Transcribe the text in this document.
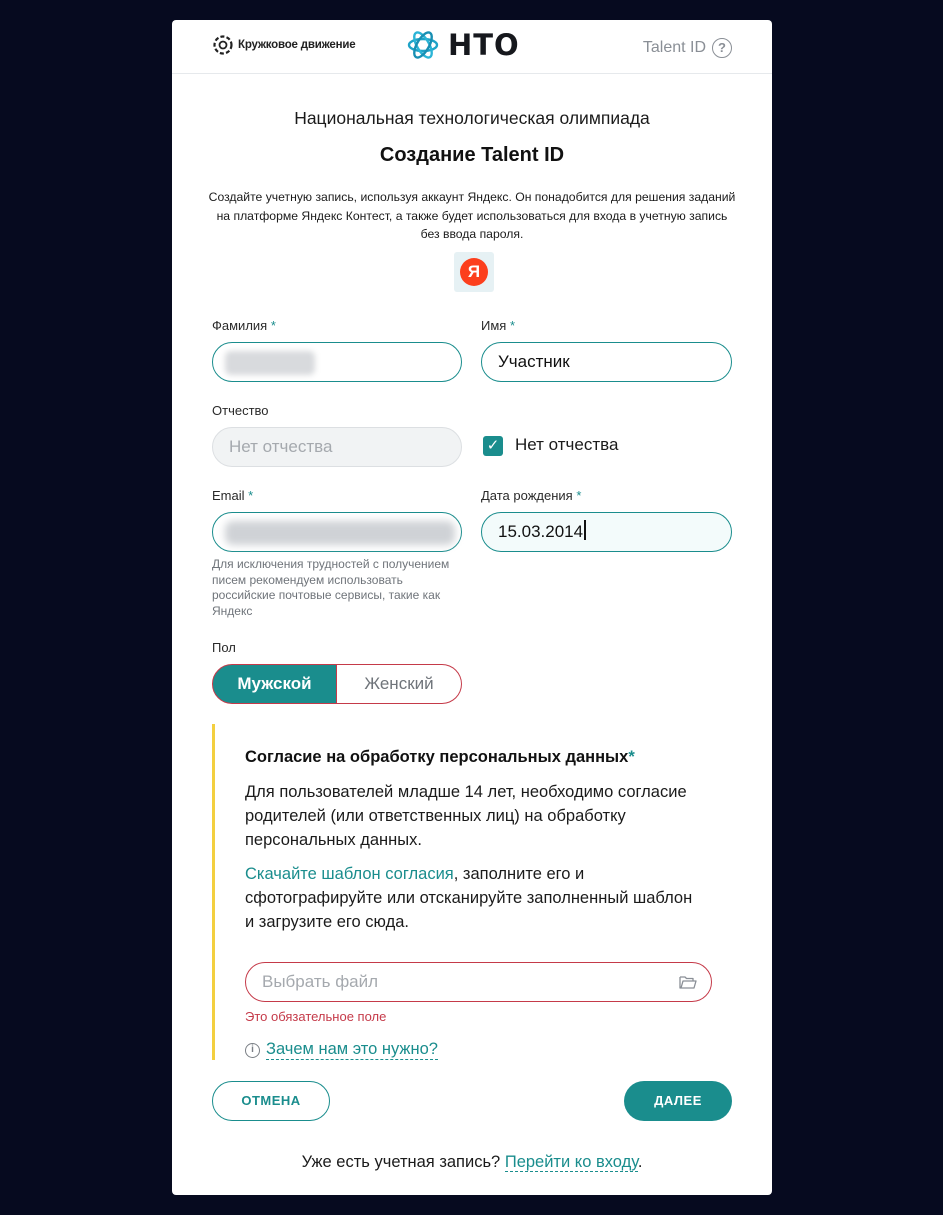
Кружковое движение	НТО	Talent ID ?
Национальная технологическая олимпиада
Создание Talent ID
Создайте учетную запись, используя аккаунт Яндекс. Он понадобится для решения заданий на платформе Яндекс Контест, а также будет использоваться для входа в учетную запись без ввода пароля.
Я
Фамилия *	Имя *
Участник
Отчество
Нет отчества	✓ Нет отчества
Email *
Для исключения трудностей с получением писем рекомендуем использовать российские почтовые сервисы, такие как Яндекс
Дата рождения *
15.03.2014
Пол
Мужской	Женский
Согласие на обработку персональных данных*
Для пользователей младше 14 лет, необходимо согласие родителей (или ответственных лиц) на обработку персональных данных.
Скачайте шаблон согласия, заполните его и сфотографируйте или отсканируйте заполненный шаблон и загрузите его сюда.
Выбрать файл
Это обязательное поле
i Зачем нам это нужно?
ОТМЕНА	ДАЛЕЕ
Уже есть учетная запись? Перейти ко входу.
